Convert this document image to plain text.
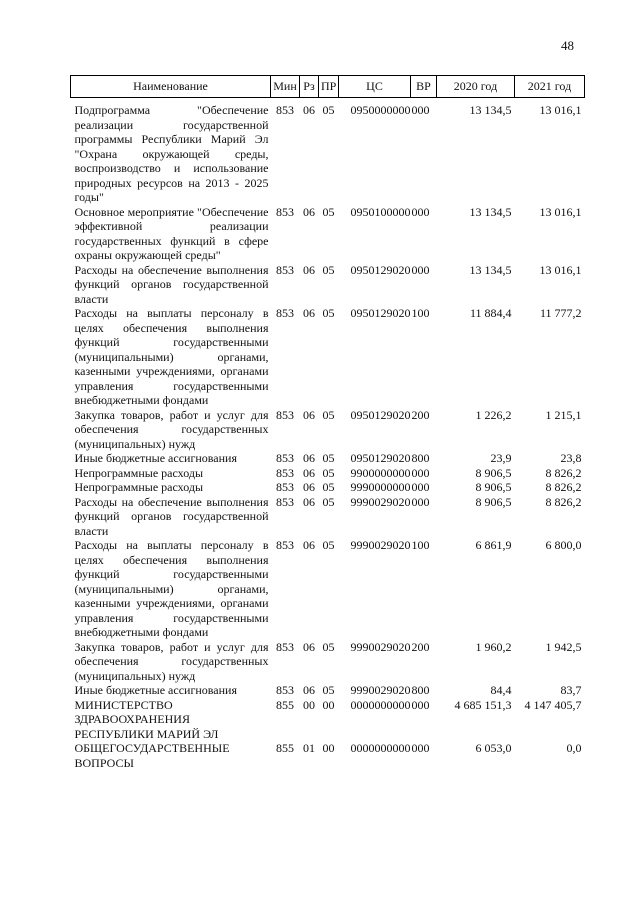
48
Наименование	Мин	Рз	ПР	ЦС	ВР	2020 год	2021 год
Подпрограмма "Обеспечение реализации государственной программы Республики Марий Эл "Охрана окружающей среды, воспроизводство и использование природных ресурсов на 2013 - 2025 годы"	853	06	05	0950000000	000	13 134,5	13 016,1
Основное мероприятие "Обеспечение эффективной реализации государственных функций в сфере охраны окружающей среды"	853	06	05	0950100000	000	13 134,5	13 016,1
Расходы на обеспечение выполнения функций органов государственной власти	853	06	05	0950129020	000	13 134,5	13 016,1
Расходы на выплаты персоналу в целях обеспечения выполнения функций государственными (муниципальными) органами, казенными учреждениями, органами управления государственными внебюджетными фондами	853	06	05	0950129020	100	11 884,4	11 777,2
Закупка товаров, работ и услуг для обеспечения государственных (муниципальных) нужд	853	06	05	0950129020	200	1 226,2	1 215,1
Иные бюджетные ассигнования	853	06	05	0950129020	800	23,9	23,8
Непрограммные расходы	853	06	05	9900000000	000	8 906,5	8 826,2
Непрограммные расходы	853	06	05	9990000000	000	8 906,5	8 826,2
Расходы на обеспечение выполнения функций органов государственной власти	853	06	05	9990029020	000	8 906,5	8 826,2
Расходы на выплаты персоналу в целях обеспечения выполнения функций государственными (муниципальными) органами, казенными учреждениями, органами управления государственными внебюджетными фондами	853	06	05	9990029020	100	6 861,9	6 800,0
Закупка товаров, работ и услуг для обеспечения государственных (муниципальных) нужд	853	06	05	9990029020	200	1 960,2	1 942,5
Иные бюджетные ассигнования	853	06	05	9990029020	800	84,4	83,7
МИНИСТЕРСТВО ЗДРАВООХРАНЕНИЯ РЕСПУБЛИКИ МАРИЙ ЭЛ	855	00	00	0000000000	000	4 685 151,3	4 147 405,7
ОБЩЕГОСУДАРСТВЕННЫЕ ВОПРОСЫ	855	01	00	0000000000	000	6 053,0	0,0
